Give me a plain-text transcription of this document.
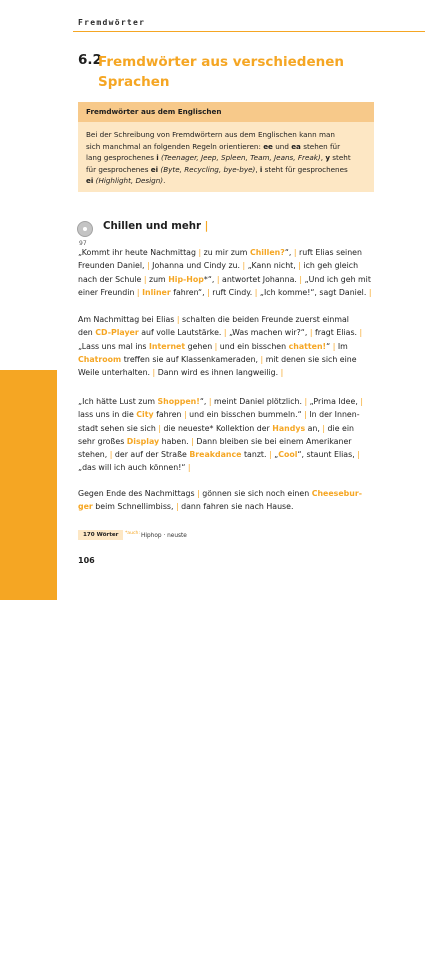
Fremdwörter
6. KLASSE
6.2
Fremdwörter aus verschiedenen Sprachen
Fremdwörter aus dem Englischen
Bei der Schreibung von Fremdwörtern aus dem Englischen kann man
sich manchmal an folgenden Regeln orientieren: ee und ea stehen für
lang gesprochenes i (Teenager, Jeep, Spleen, Team, Jeans, Freak), y steht
für gesprochenes ei (Byte, Recycling, bye-bye), i steht für gesprochenes
ei (Highlight, Design).
97
Chillen und mehr |
„Kommt ihr heute Nachmittag | zu mir zum Chillen?“, | ruft Elias seinen
Freunden Daniel, | Johanna und Cindy zu. | „Kann nicht, | ich geh gleich
nach der Schule | zum Hip-Hop*“, | antwortet Johanna. | „Und ich geh mit
einer Freundin | Inliner fahren“, | ruft Cindy. | „Ich komme!“, sagt Daniel. |
Am Nachmittag bei Elias | schalten die beiden Freunde zuerst einmal
den CD-Player auf volle Lautstärke. | „Was machen wir?“, | fragt Elias. |
„Lass uns mal ins Internet gehen | und ein bisschen chatten!“ | Im
Chatroom treffen sie auf Klassenkameraden, | mit denen sie sich eine
Weile unterhalten. | Dann wird es ihnen langweilig. |
„Ich hätte Lust zum Shoppen!“, | meint Daniel plötzlich. | „Prima Idee, |
lass uns in die City fahren | und ein bisschen bummeln.“ | In der Innen-
stadt sehen sie sich | die neueste* Kollektion der Handys an, | die ein
sehr großes Display haben. | Dann bleiben sie bei einem Amerikaner
stehen, | der auf der Straße Breakdance tanzt. | „Cool“, staunt Elias, |
„das will ich auch können!“ |
Gegen Ende des Nachmittags | gönnen sie sich noch einen Cheesebur-
ger beim Schnellimbiss, | dann fahren sie nach Hause.
170 Wörter	$^{*auch:}$Hiphop · neuste
106
